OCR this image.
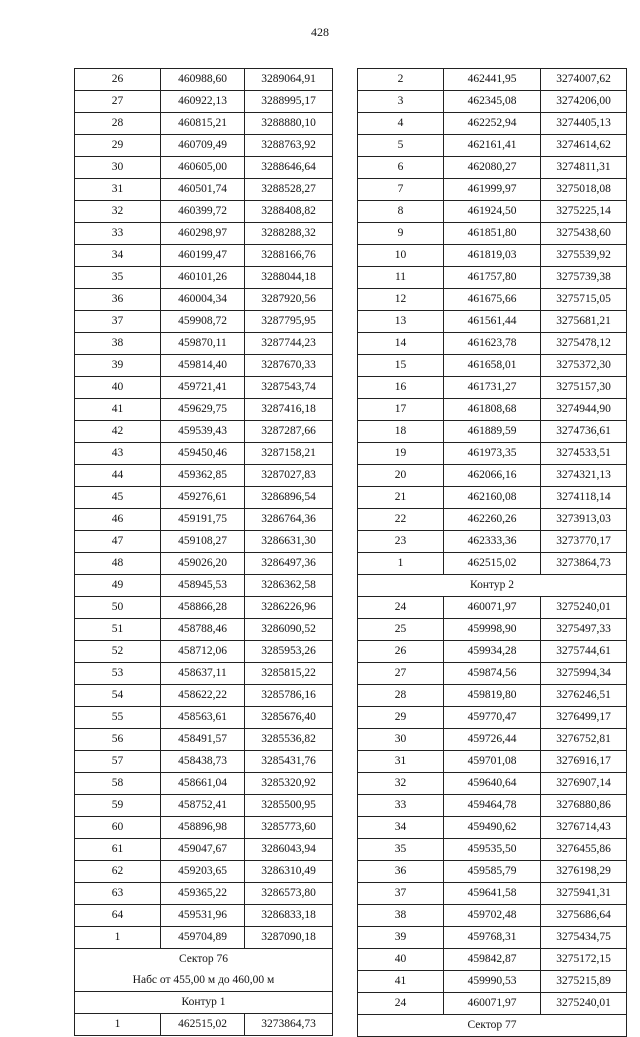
428
26	460988,60	3289064,91
27	460922,13	3288995,17
28	460815,21	3288880,10
29	460709,49	3288763,92
30	460605,00	3288646,64
31	460501,74	3288528,27
32	460399,72	3288408,82
33	460298,97	3288288,32
34	460199,47	3288166,76
35	460101,26	3288044,18
36	460004,34	3287920,56
37	459908,72	3287795,95
38	459870,11	3287744,23
39	459814,40	3287670,33
40	459721,41	3287543,74
41	459629,75	3287416,18
42	459539,43	3287287,66
43	459450,46	3287158,21
44	459362,85	3287027,83
45	459276,61	3286896,54
46	459191,75	3286764,36
47	459108,27	3286631,30
48	459026,20	3286497,36
49	458945,53	3286362,58
50	458866,28	3286226,96
51	458788,46	3286090,52
52	458712,06	3285953,26
53	458637,11	3285815,22
54	458622,22	3285786,16
55	458563,61	3285676,40
56	458491,57	3285536,82
57	458438,73	3285431,76
58	458661,04	3285320,92
59	458752,41	3285500,95
60	458896,98	3285773,60
61	459047,67	3286043,94
62	459203,65	3286310,49
63	459365,22	3286573,80
64	459531,96	3286833,18
1	459704,89	3287090,18

Сектор 76
Набс от 455,00 м до 460,00 м		

Контур 1		

1	462515,02	3273864,73
2	462441,95	3274007,62
3	462345,08	3274206,00
4	462252,94	3274405,13
5	462161,41	3274614,62
6	462080,27	3274811,31
7	461999,97	3275018,08
8	461924,50	3275225,14
9	461851,80	3275438,60
10	461819,03	3275539,92
11	461757,80	3275739,38
12	461675,66	3275715,05
13	461561,44	3275681,21
14	461623,78	3275478,12
15	461658,01	3275372,30
16	461731,27	3275157,30
17	461808,68	3274944,90
18	461889,59	3274736,61
19	461973,35	3274533,51
20	462066,16	3274321,13
21	462160,08	3274118,14
22	462260,26	3273913,03
23	462333,36	3273770,17
1	462515,02	3273864,73

Контур 2		

24	460071,97	3275240,01
25	459998,90	3275497,33
26	459934,28	3275744,61
27	459874,56	3275994,34
28	459819,80	3276246,51
29	459770,47	3276499,17
30	459726,44	3276752,81
31	459701,08	3276916,17
32	459640,64	3276907,14
33	459464,78	3276880,86
34	459490,62	3276714,43
35	459535,50	3276455,86
36	459585,79	3276198,29
37	459641,58	3275941,31
38	459702,48	3275686,64
39	459768,31	3275434,75
40	459842,87	3275172,15
41	459990,53	3275215,89
24	460071,97	3275240,01

Сектор 77		
